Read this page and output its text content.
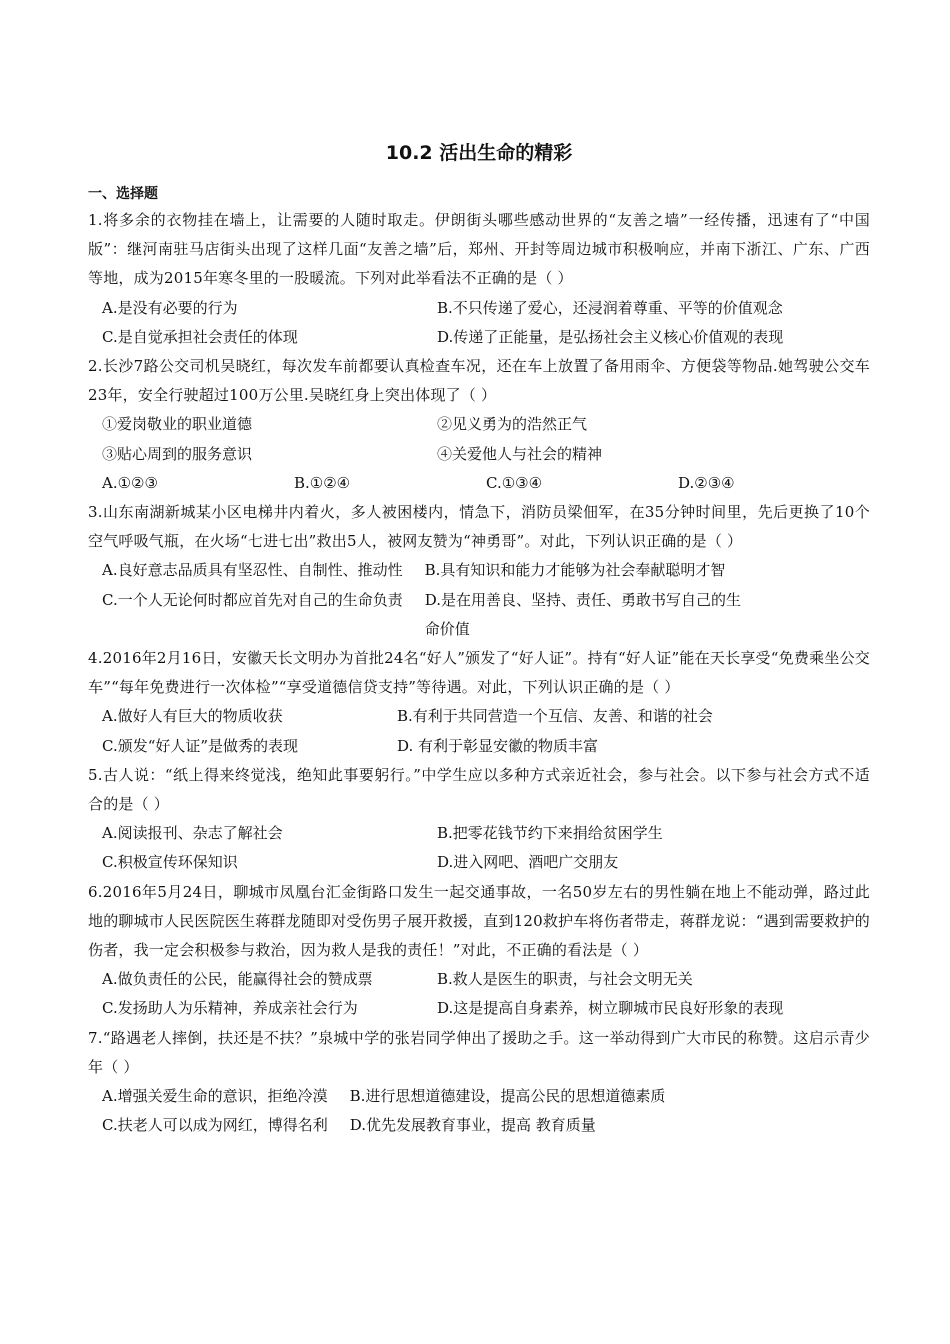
10.2 活出生命的精彩
一、选择题

1.将多余的衣物挂在墙上，让需要的人随时取走。伊朗街头哪些感动世界的“友善之墙”一经传播，迅速有了“中国版”：继河南驻马店街头出现了这样几面“友善之墙”后，郑州、开封等周边城市积极响应，并南下浙江、广东、广西等地，成为2015年寒冬里的一股暖流。下列对此举看法不正确的是（ ）

A.是没有必要的行为	B.不只传递了爱心，还浸润着尊重、平等的价值观念
C.是自觉承担社会责任的体现	D.传递了正能量，是弘扬社会主义核心价值观的表现

2.长沙7路公交司机吴晓红，每次发车前都要认真检查车况，还在车上放置了备用雨伞、方便袋等物品.她驾驶公交车23年，安全行驶超过100万公里.吴晓红身上突出体现了（ ）

①爱岗敬业的职业道德	②见义勇为的浩然正气
③贴心周到的服务意识	④关爱他人与社会的精神
A.①②③	B.①②④	C.①③④	D.②③④

3.山东南湖新城某小区电梯井内着火，多人被困楼内，情急下，消防员梁佃军，在35分钟时间里，先后更换了10个空气呼吸气瓶，在火场“七进七出”救出5人，被网友赞为“神勇哥”。对此，下列认识正确的是（ ）

A.良好意志品质具有坚忍性、自制性、推动性 B.具有知识和能力才能够为社会奉献聪明才智
C.一个人无论何时都应首先对自己的生命负责 D.是在用善良、坚持、责任、勇敢书写自己的生命价值

4.2016年2月16日，安徽天长文明办为首批24名“好人”颁发了“好人证”。持有“好人证”能在天长享受“免费乘坐公交车”“每年免费进行一次体检”“享受道德信贷支持”等待遇。对此，下列认识正确的是（ ）

A.做好人有巨大的物质收获	B.有利于共同营造一个互信、友善、和谐的社会
C.颁发“好人证”是做秀的表现	D. 有利于彰显安徽的物质丰富

5.古人说：“纸上得来终觉浅，绝知此事要躬行。”中学生应以多种方式亲近社会，参与社会。以下参与社会方式不适合的是（ ）

A.阅读报刊、杂志了解社会	B.把零花钱节约下来捐给贫困学生
C.积极宣传环保知识	D.进入网吧、酒吧广交朋友

6.2016年5月24日，聊城市凤凰台汇金街路口发生一起交通事故，一名50岁左右的男性躺在地上不能动弹，路过此地的聊城市人民医院医生蒋群龙随即对受伤男子展开救援，直到120救护车将伤者带走，蒋群龙说：“遇到需要救护的伤者，我一定会积极参与救治，因为救人是我的责任！”对此，不正确的看法是（ ）

A.做负责任的公民，能赢得社会的赞成票	B.救人是医生的职责，与社会文明无关
C.发扬助人为乐精神，养成亲社会行为	D.这是提高自身素养，树立聊城市民良好形象的表现

7.“路遇老人摔倒，扶还是不扶？”泉城中学的张岩同学伸出了援助之手。这一举动得到广大市民的称赞。这启示青少年（ ）

A.增强关爱生命的意识，拒绝冷漠 B.进行思想道德建设，提高公民的思想道德素质
C.扶老人可以成为网红，博得名利 D.优先发展教育事业，提高 教育质量
